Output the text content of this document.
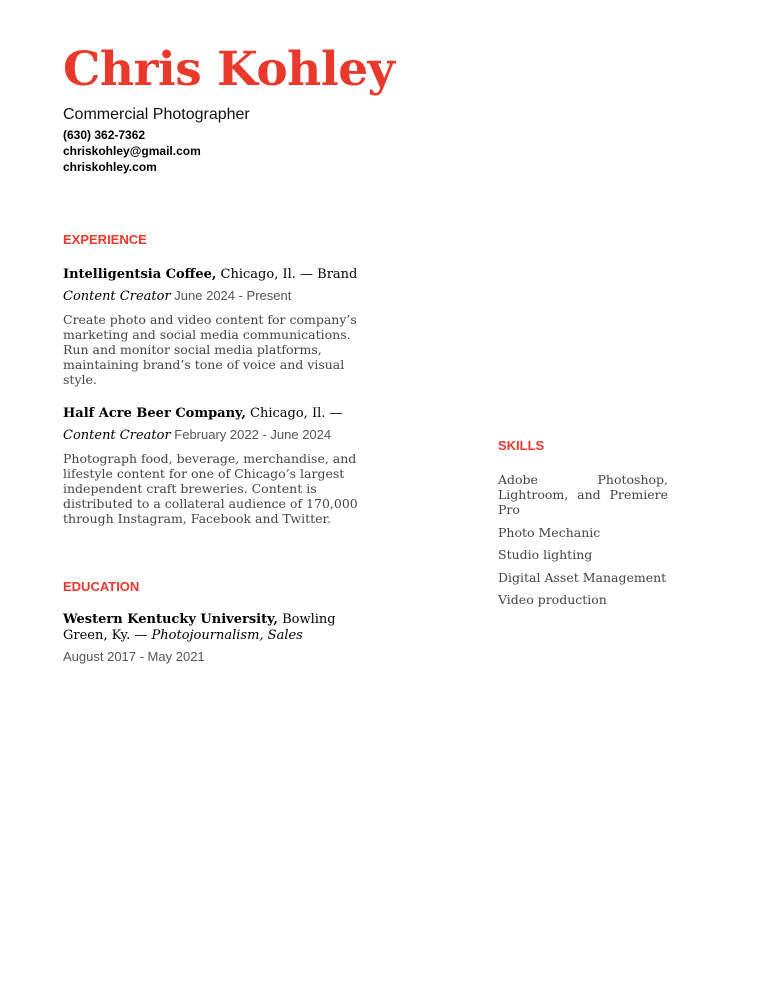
Chris Kohley
Commercial Photographer
(630) 362-7362
chriskohley@gmail.com
chriskohley.com
EXPERIENCE
Intelligentsia Coffee, Chicago, Il. — Brand
Content Creator June 2024 - Present
Create photo and video content for company’s marketing and social media communications. Run and monitor social media platforms, maintaining brand’s tone of voice and visual style.
Half Acre Beer Company, Chicago, Il. — Content Creator February 2022 - June 2024
Photograph food, beverage, merchandise, and lifestyle content for one of Chicago’s largest independent craft breweries. Content is distributed to a collateral audience of 170,000 through Instagram, Facebook and Twitter.
EDUCATION
Western Kentucky University, Bowling Green, Ky. — Photojournalism, Sales
August 2017 - May 2021
SKILLS
Adobe Photoshop, Lightroom, and Premiere Pro
Photo Mechanic
Studio lighting
Digital Asset Management
Video production
